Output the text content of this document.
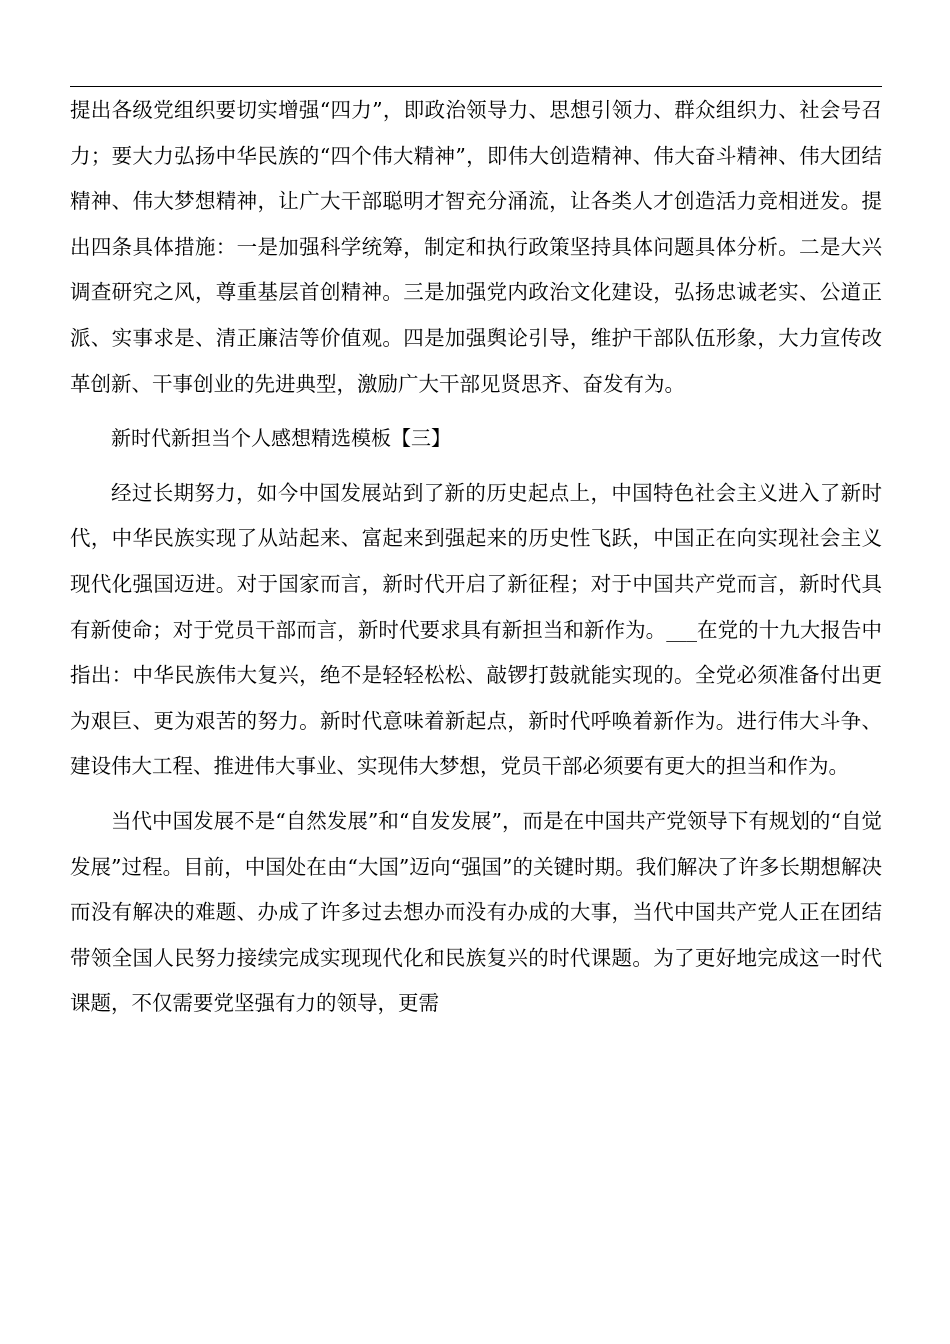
提出各级党组织要切实增强“四力”，即政治领导力、思想引领力、群众组织力、社会号召力；要大力弘扬中华民族的“四个伟大精神”，即伟大创造精神、伟大奋斗精神、伟大团结精神、伟大梦想精神，让广大干部聪明才智充分涌流，让各类人才创造活力竞相迸发。提出四条具体措施：一是加强科学统筹，制定和执行政策坚持具体问题具体分析。二是大兴调查研究之风，尊重基层首创精神。三是加强党内政治文化建设，弘扬忠诚老实、公道正派、实事求是、清正廉洁等价值观。四是加强舆论引导，维护干部队伍形象，大力宣传改革创新、干事创业的先进典型，激励广大干部见贤思齐、奋发有为。

新时代新担当个人感想精选模板【三】

经过长期努力，如今中国发展站到了新的历史起点上，中国特色社会主义进入了新时代，中华民族实现了从站起来、富起来到强起来的历史性飞跃，中国正在向实现社会主义现代化强国迈进。对于国家而言，新时代开启了新征程；对于中国共产党而言，新时代具有新使命；对于党员干部而言，新时代要求具有新担当和新作为。___在党的十九大报告中指出：中华民族伟大复兴，绝不是轻轻松松、敲锣打鼓就能实现的。全党必须准备付出更为艰巨、更为艰苦的努力。新时代意味着新起点，新时代呼唤着新作为。进行伟大斗争、建设伟大工程、推进伟大事业、实现伟大梦想，党员干部必须要有更大的担当和作为。

当代中国发展不是“自然发展”和“自发发展”，而是在中国共产党领导下有规划的“自觉发展”过程。目前，中国处在由“大国”迈向“强国”的关键时期。我们解决了许多长期想解决而没有解决的难题、办成了许多过去想办而没有办成的大事，当代中国共产党人正在团结带领全国人民努力接续完成实现现代化和民族复兴的时代课题。为了更好地完成这一时代课题，不仅需要党坚强有力的领导，更需
